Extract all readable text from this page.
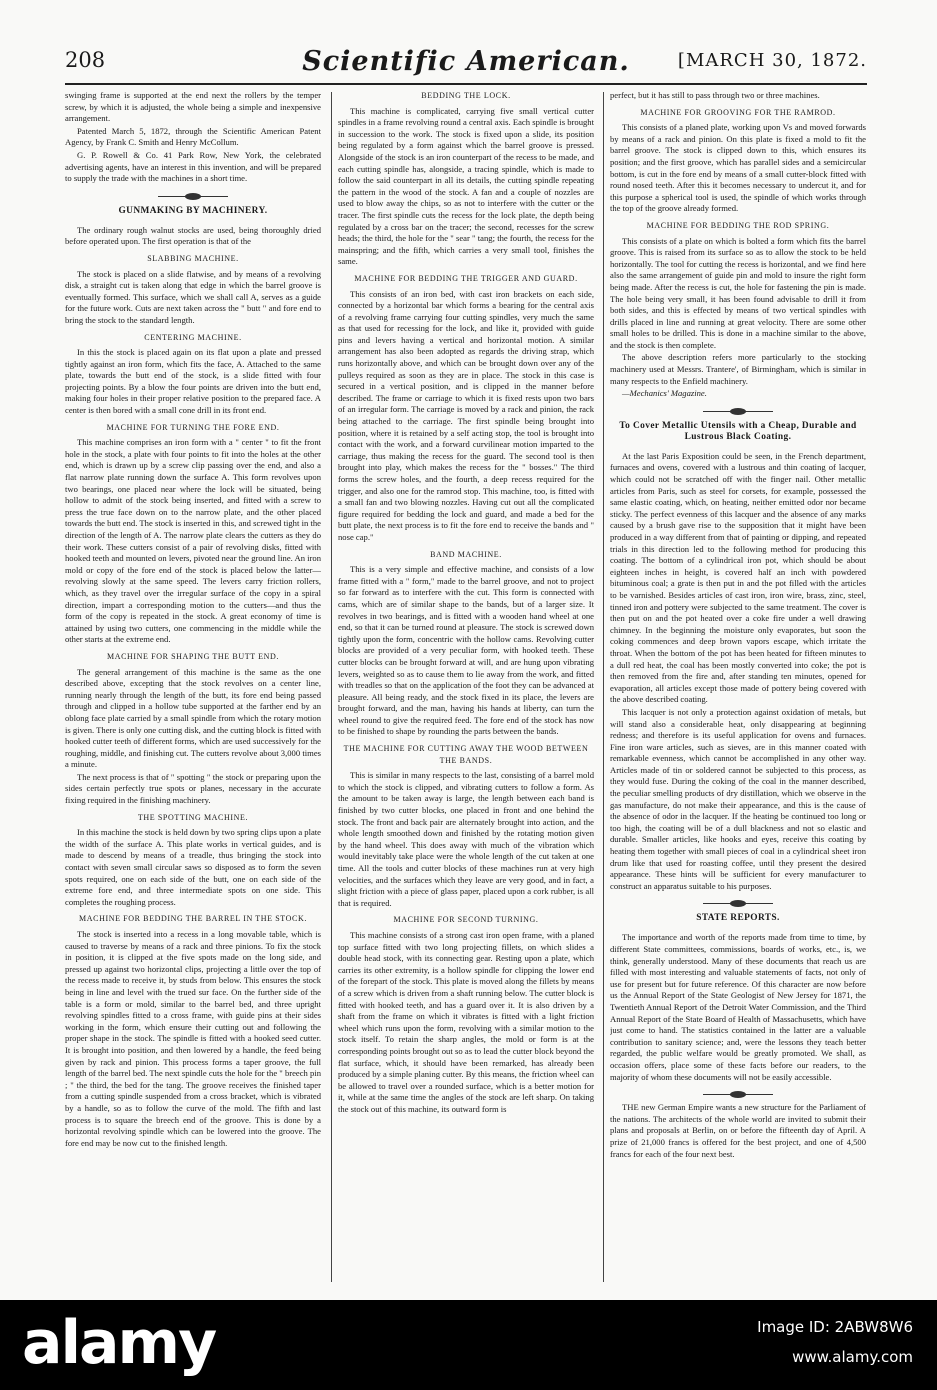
208	Scientific American.	[MARCH 30, 1872.

swinging frame is supported at the end next the rollers by the temper screw, by which it is adjusted, the whole being a simple and inexpensive arrangement.

Patented March 5, 1872, through the Scientific American Patent Agency, by Frank C. Smith and Henry McCollum.

G. P. Rowell & Co. 41 Park Row, New York, the celebrated advertising agents, have an interest in this invention, and will be prepared to supply the trade with the machines in a short time.

GUNMAKING BY MACHINERY.

The ordinary rough walnut stocks are used, being thoroughly dried before operated upon. The first operation is that of the

SLABBING MACHINE.

The stock is placed on a slide flatwise, and by means of a revolving disk, a straight cut is taken along that edge in which the barrel groove is eventually formed. This surface, which we shall call A, serves as a guide for the future work. Cuts are next taken across the " butt " and fore end to bring the stock to the standard length.

CENTERING MACHINE.

In this the stock is placed again on its flat upon a plate and pressed tightly against an iron form, which fits the face, A. Attached to the same plate, towards the butt end of the stock, is a slide fitted with four projecting points. By a blow the four points are driven into the butt end, making four holes in their proper relative position to the prepared face. A center is then bored with a small cone drill in its front end.

MACHINE FOR TURNING THE FORE END.

This machine comprises an iron form with a " center " to fit the front hole in the stock, a plate with four points to fit into the holes at the other end, which is drawn up by a screw clip passing over the end, and also a flat narrow plate running down the surface A. This form revolves upon two bearings, one placed near where the lock will be situated, being hollow to admit of the stock being inserted, and fitted with a screw to press the true face down on to the narrow plate, and the other placed towards the butt end. The stock is inserted in this, and screwed tight in the direction of the length of A. The narrow plate clears the cutters as they do their work. These cutters consist of a pair of revolving disks, fitted with hooked teeth and mounted on levers, pivoted near the ground line. An iron mold or copy of the fore end of the stock is placed below the latter—revolving slowly at the same speed. The levers carry friction rollers, which, as they travel over the irregular surface of the copy in a spiral direction, impart a corresponding motion to the cutters—and thus the form of the copy is repeated in the stock. A great economy of time is attained by using two cutters, one commencing in the middle while the other starts at the extreme end.

MACHINE FOR SHAPING THE BUTT END.

The general arrangement of this machine is the same as the one described above, excepting that the stock revolves on a center line, running nearly through the length of the butt, its fore end being passed through and clipped in a hollow tube supported at the farther end by an oblong face plate carried by a small spindle from which the rotary motion is given. There is only one cutting disk, and the cutting block is fitted with hooked cutter teeth of different forms, which are used successively for the roughing, middle, and finishing cut. The cutters revolve about 3,000 times a minute.

The next process is that of " spotting " the stock or preparing upon the sides certain perfectly true spots or planes, necessary in the accurate fixing required in the finishing machinery.

THE SPOTTING MACHINE.

In this machine the stock is held down by two spring clips upon a plate the width of the surface A. This plate works in vertical guides, and is made to descend by means of a treadle, thus bringing the stock into contact with seven small circular saws so disposed as to form the seven spots required, one on each side of the butt, one on each side of the extreme fore end, and three intermediate spots on one side. This completes the roughing process.

MACHINE FOR BEDDING THE BARREL IN THE STOCK.

The stock is inserted into a recess in a long movable table, which is caused to traverse by means of a rack and three pinions. To fix the stock in position, it is clipped at the five spots made on the long side, and pressed up against two horizontal clips, projecting a little over the top of the recess made to receive it, by studs from below. This ensures the stock being in line and level with the trued sur face. On the further side of the table is a form or mold, similar to the barrel bed, and three upright revolving spindles fitted to a cross frame, with guide pins at their sides working in the form, which ensure their cutting out and following the proper shape in the stock. The spindle is fitted with a hooked seed cutter. It is brought into position, and then lowered by a handle, the feed being given by rack and pinion. This process forms a taper groove, the full length of the barrel bed. The next spindle cuts the hole for the " breech pin ; " the third, the bed for the tang. The groove receives the finished taper from a cutting spindle suspended from a cross bracket, which is vibrated by a handle, so as to follow the curve of the mold. The fifth and last process is to square the breech end of the groove. This is done by a horizontal revolving spindle which can be lowered into the groove. The fore end may be now cut to the finished length.

BEDDING THE LOCK.

This machine is complicated, carrying five small vertical cutter spindles in a frame revolving round a central axis. Each spindle is brought in succession to the work. The stock is fixed upon a slide, its position being regulated by a form against which the barrel groove is pressed. Alongside of the stock is an iron counterpart of the recess to be made, and each cutting spindle has, alongside, a tracing spindle, which is made to follow the said counterpart in all its details, the cutting spindle repeating the pattern in the wood of the stock. A fan and a couple of nozzles are used to blow away the chips, so as not to interfere with the cutter or the tracer. The first spindle cuts the recess for the lock plate, the depth being regulated by a cross bar on the tracer; the second, recesses for the screw heads; the third, the hole for the " sear " tang; the fourth, the recess for the mainspring; and the fifth, which carries a very small tool, finishes the same.

MACHINE FOR BEDDING THE TRIGGER AND GUARD.

This consists of an iron bed, with cast iron brackets on each side, connected by a horizontal bar which forms a bearing for the central axis of a revolving frame carrying four cutting spindles, very much the same as that used for recessing for the lock, and like it, provided with guide pins and levers having a vertical and horizontal motion. A similar arrangement has also been adopted as regards the driving strap, which runs horizontally above, and which can be brought down over any of the pulleys required as soon as they are in place. The stock in this case is secured in a vertical position, and is clipped in the manner before described. The frame or carriage to which it is fixed rests upon two bars of an irregular form. The carriage is moved by a rack and pinion, the rack being attached to the carriage. The first spindle being brought into position, where it is retained by a self acting stop, the tool is brought into contact with the work, and a forward curvilinear motion imparted to the carriage, thus making the recess for the guard. The second tool is then brought into play, which makes the recess for the " bosses." The third forms the screw holes, and the fourth, a deep recess required for the trigger, and also one for the ramrod stop. This machine, too, is fitted with a small fan and two blowing nozzles. Having cut out all the complicated figure required for bedding the lock and guard, and made a bed for the butt plate, the next process is to fit the fore end to receive the bands and " nose cap."

BAND MACHINE.

This is a very simple and effective machine, and consists of a low frame fitted with a " form," made to the barrel groove, and not to project so far forward as to interfere with the cut. This form is connected with cams, which are of similar shape to the bands, but of a larger size. It revolves in two bearings, and is fitted with a wooden hand wheel at one end, so that it can be turned round at pleasure. The stock is screwed down tightly upon the form, concentric with the hollow cams. Revolving cutter blocks are provided of a very peculiar form, with hooked teeth. These cutter blocks can be brought forward at will, and are hung upon vibrating levers, weighted so as to cause them to lie away from the work, and fitted with treadles so that on the application of the foot they can be advanced at pleasure. All being ready, and the stock fixed in its place, the levers are brought forward, and the man, having his hands at liberty, can turn the wheel round to give the required feed. The fore end of the stock has now to be finished to shape by rounding the parts between the bands.

THE MACHINE FOR CUTTING AWAY THE WOOD BETWEEN THE BANDS.

This is similar in many respects to the last, consisting of a barrel mold to which the stock is clipped, and vibrating cutters to follow a form. As the amount to be taken away is large, the length between each band is finished by two cutter blocks, one placed in front and one behind the stock. The front and back pair are alternately brought into action, and the whole length smoothed down and finished by the rotating motion given by the hand wheel. This does away with much of the vibration which would inevitably take place were the whole length of the cut taken at one time. All the tools and cutter blocks of these machines run at very high velocities, and the surfaces which they leave are very good, and in fact, a slight friction with a piece of glass paper, placed upon a cork rubber, is all that is required.

MACHINE FOR SECOND TURNING.

This machine consists of a strong cast iron open frame, with a planed top surface fitted with two long projecting fillets, on which slides a double head stock, with its connecting gear. Resting upon a plate, which carries its other extremity, is a hollow spindle for clipping the lower end of the forepart of the stock. This plate is moved along the fillets by means of a screw which is driven from a shaft running below. The cutter block is fitted with hooked teeth, and has a guard over it. It is also driven by a shaft from the frame on which it vibrates is fitted with a light friction wheel which runs upon the form, revolving with a similar motion to the stock itself. To retain the sharp angles, the mold or form is at the corresponding points brought out so as to lead the cutter block beyond the flat surface, which, it should have been remarked, has already been produced by a simple planing cutter. By this means, the friction wheel can be allowed to travel over a rounded surface, which is a better motion for it, while at the same time the angles of the stock are left sharp. On taking the stock out of this machine, its outward form is

perfect, but it has still to pass through two or three machines.

MACHINE FOR GROOVING FOR THE RAMROD.

This consists of a planed plate, working upon Vs and moved forwards by means of a rack and pinion. On this plate is fixed a mold to fit the barrel groove. The stock is clipped down to this, which ensures its position; and the first groove, which has parallel sides and a semicircular bottom, is cut in the fore end by means of a small cutter-block fitted with round nosed teeth. After this it becomes necessary to undercut it, and for this purpose a spherical tool is used, the spindle of which works through the top of the groove already formed.

MACHINE FOR BEDDING THE ROD SPRING.

This consists of a plate on which is bolted a form which fits the barrel groove. This is raised from its surface so as to allow the stock to be held horizontally. The tool for cutting the recess is horizontal, and we find here also the same arrangement of guide pin and mold to insure the right form being made. After the recess is cut, the hole for fastening the pin is made. The hole being very small, it has been found advisable to drill it from both sides, and this is effected by means of two vertical spindles with drills placed in line and running at great velocity. There are some other small holes to be drilled. This is done in a machine similar to the above, and the stock is then complete.

The above description refers more particularly to the stocking machinery used at Messrs. Trantere', of Birmingham, which is similar in many respects to the Enfield machinery.

—Mechanics' Magazine.

To Cover Metallic Utensils with a Cheap, Durable and Lustrous Black Coating.

At the last Paris Exposition could be seen, in the French department, furnaces and ovens, covered with a lustrous and thin coating of lacquer, which could not be scratched off with the finger nail. Other metallic articles from Paris, such as steel for corsets, for example, possessed the same elastic coating, which, on heating, neither emitted odor nor became sticky. The perfect evenness of this lacquer and the absence of any marks caused by a brush gave rise to the supposition that it might have been produced in a way different from that of painting or dipping, and repeated trials in this direction led to the following method for producing this coating. The bottom of a cylindrical iron pot, which should be about eighteen inches in height, is covered half an inch with powdered bituminous coal; a grate is then put in and the pot filled with the articles to be varnished. Besides articles of cast iron, iron wire, brass, zinc, steel, tinned iron and pottery were subjected to the same treatment. The cover is then put on and the pot heated over a coke fire under a well drawing chimney. In the beginning the moisture only evaporates, but soon the coking commences and deep brown vapors escape, which irritate the throat. When the bottom of the pot has been heated for fifteen minutes to a dull red heat, the coal has been mostly converted into coke; the pot is then removed from the fire and, after standing ten minutes, opened for evaporation, all articles except those made of pottery being covered with the above described coating.

This lacquer is not only a protection against oxidation of metals, but will stand also a considerable heat, only disappearing at beginning redness; and therefore is its useful application for ovens and furnaces. Fine iron ware articles, such as sieves, are in this manner coated with remarkable evenness, which cannot be accomplished in any other way. Articles made of tin or soldered cannot be subjected to this process, as they would fuse. During the coking of the coal in the manner described, the peculiar smelling products of dry distillation, which we observe in the gas manufacture, do not make their appearance, and this is the cause of the absence of odor in the lacquer. If the heating be continued too long or too high, the coating will be of a dull blackness and not so elastic and durable. Smaller articles, like hooks and eyes, receive this coating by heating them together with small pieces of coal in a cylindrical sheet iron drum like that used for roasting coffee, until they present the desired appearance. These hints will be sufficient for every manufacturer to construct an apparatus suitable to his purposes.

STATE REPORTS.

The importance and worth of the reports made from time to time, by different State committees, commissions, boards of works, etc., is, we think, generally understood. Many of these documents that reach us are filled with most interesting and valuable statements of facts, not only of use for present but for future reference. Of this character are now before us the Annual Report of the State Geologist of New Jersey for 1871, the Twentieth Annual Report of the Detroit Water Commission, and the Third Annual Report of the State Board of Health of Massachusetts, which have just come to hand. The statistics contained in the latter are a valuable contribution to sanitary science; and, were the lessons they teach better regarded, the public welfare would be greatly promoted. We shall, as occasion offers, place some of these facts before our readers, to the majority of whom these documents will not be easily accessible.

THE new German Empire wants a new structure for the Parliament of the nations. The architects of the whole world are invited to submit their plans and proposals at Berlin, on or before the fifteenth day of April. A prize of 21,000 francs is offered for the best project, and one of 4,500 francs for each of the four next best.

alamy	Image ID: 2ABW8W6
www.alamy.com
